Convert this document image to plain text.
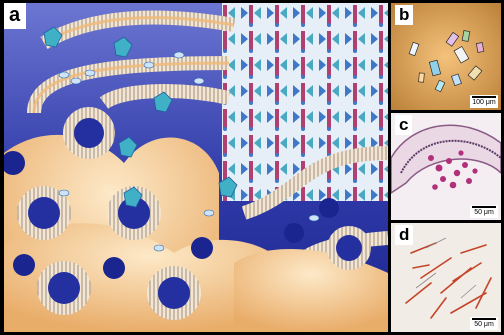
a	b
100 μm
c
50 μm
d
50 μm
